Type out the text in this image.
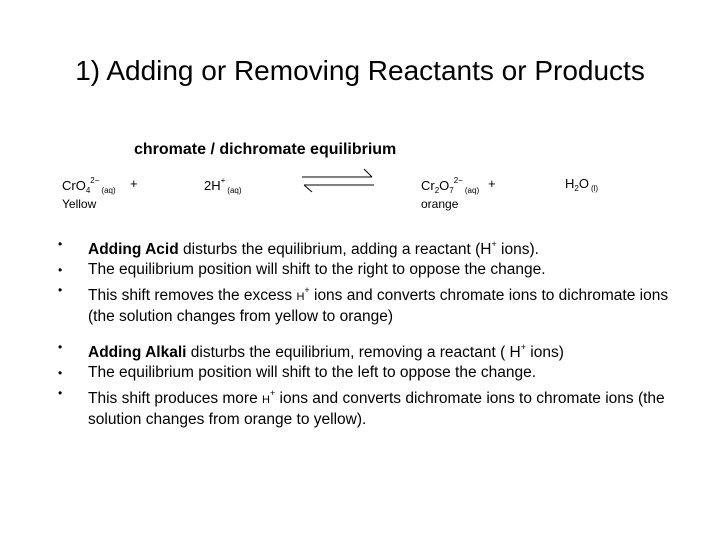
1) Adding or Removing Reactants or Products
chromate / dichromate equilibrium
CrO$_4^{2-}_{(aq)}$ +	$2H^+_{(aq)}$	$Cr_2O_7^{2-}_{(aq)}$ +	$H_2O$ $_{(l)}$
Yellow	orange
• Adding Acid disturbs the equilibrium, adding a reactant (H+ ions).
• The equilibrium position will shift to the right to oppose the change.
• This shift removes the excess H+ ions and converts chromate ions to dichromate ions (the solution changes from yellow to orange)
• Adding Alkali disturbs the equilibrium, removing a reactant ( H+ ions)
• The equilibrium position will shift to the left to oppose the change.
• This shift produces more H+ ions and converts dichromate ions to chromate ions (the solution changes from orange to yellow).
